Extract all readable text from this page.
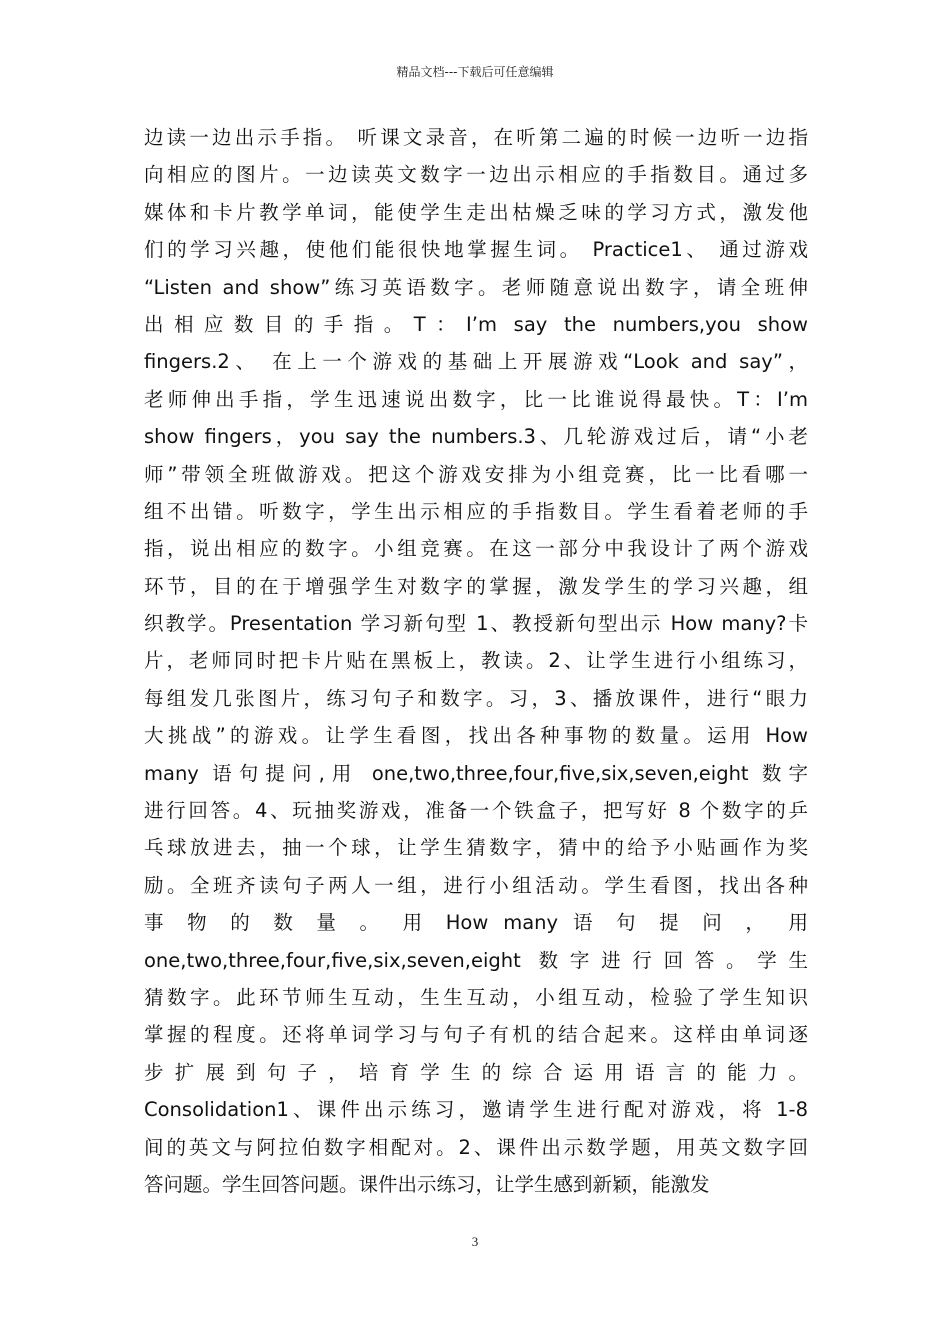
精品文档---下载后可任意编辑
边读一边出示手指。 听课文录音，在听第二遍的时候一边听一边指
向相应的图片。一边读英文数字一边出示相应的手指数目。通过多
媒体和卡片教学单词，能使学生走出枯燥乏味的学习方式，激发他
们的学习兴趣，使他们能很快地掌握生词。 Practice1、 通过游戏
“Listen and show”练习英语数字。老师随意说出数字，请全班伸
出相应数目的手指。T：I’m say the numbers,you show
fingers.2、 在上一个游戏的基础上开展游戏“Look and say”，
老师伸出手指，学生迅速说出数字，比一比谁说得最快。T：I’m
show fingers，you say the numbers.3、几轮游戏过后，请“小老
师”带领全班做游戏。把这个游戏安排为小组竞赛，比一比看哪一
组不出错。听数字，学生出示相应的手指数目。学生看着老师的手
指，说出相应的数字。小组竞赛。在这一部分中我设计了两个游戏
环节，目的在于增强学生对数字的掌握，激发学生的学习兴趣，组
织教学。Presentation 学习新句型 1、教授新句型出示 How many?卡
片，老师同时把卡片贴在黑板上，教读。2、让学生进行小组练习，
每组发几张图片，练习句子和数字。习，3、播放课件，进行“眼力
大挑战”的游戏。让学生看图，找出各种事物的数量。运用 How
many 语句提问,用 one,two,three,four,five,six,seven,eight 数字
进行回答。4、玩抽奖游戏，准备一个铁盒子，把写好 8 个数字的乒
乓球放进去，抽一个球，让学生猜数字，猜中的给予小贴画作为奖
励。全班齐读句子两人一组，进行小组活动。学生看图，找出各种
事 物 的 数 量 。 用 How many 语 句 提 问 ， 用
one,two,three,four,five,six,seven,eight 数字进行回答。学生
猜数字。此环节师生互动，生生互动，小组互动，检验了学生知识
掌握的程度。还将单词学习与句子有机的结合起来。这样由单词逐
步 扩 展 到 句 子 ， 培 育 学 生 的 综 合 运 用 语 言 的 能 力 。
Consolidation1、课件出示练习，邀请学生进行配对游戏，将 1-8
间的英文与阿拉伯数字相配对。2、课件出示数学题，用英文数字回
答问题。学生回答问题。课件出示练习，让学生感到新颖，能激发
3
